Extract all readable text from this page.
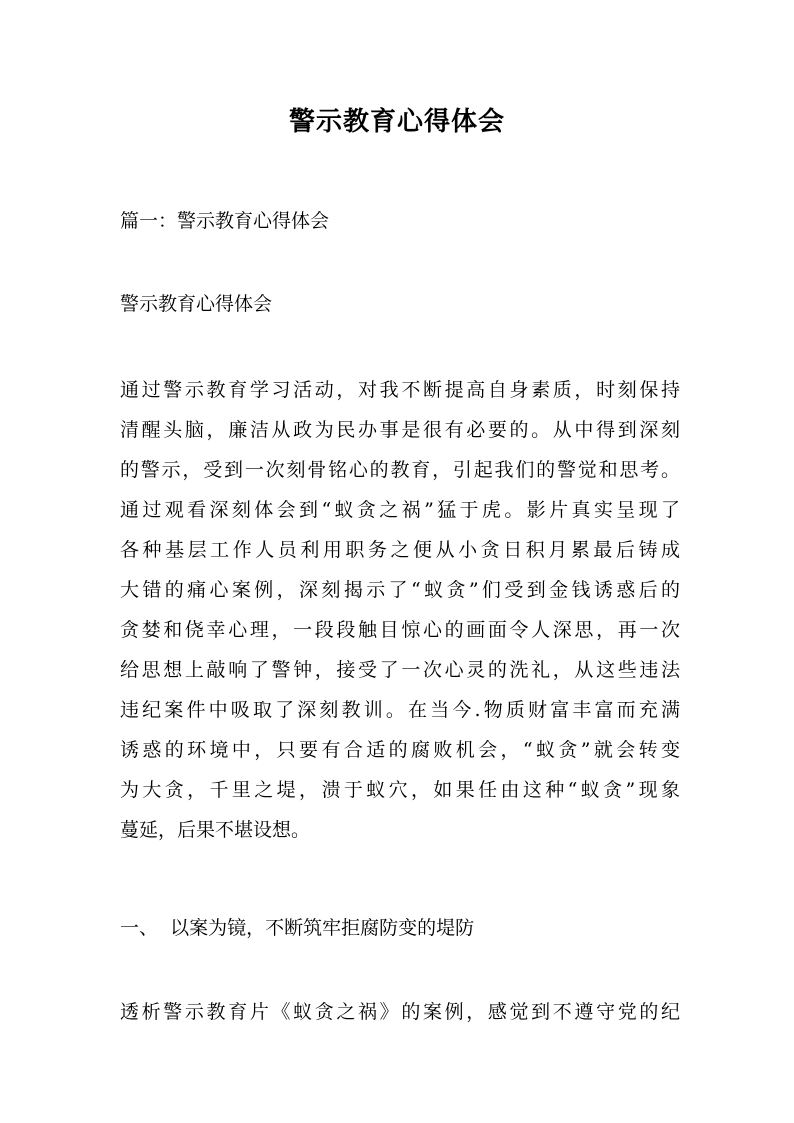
警示教育心得体会

篇一：警示教育心得体会

警示教育心得体会

通过警示教育学习活动，对我不断提高自身素质，时刻保持
清醒头脑，廉洁从政为民办事是很有必要的。从中得到深刻
的警示，受到一次刻骨铭心的教育，引起我们的警觉和思考。
通过观看深刻体会到“蚁贪之祸”猛于虎。影片真实呈现了
各种基层工作人员利用职务之便从小贪日积月累最后铸成
大错的痛心案例，深刻揭示了“蚁贪”们受到金钱诱惑后的
贪婪和侥幸心理，一段段触目惊心的画面令人深思，再一次
给思想上敲响了警钟，接受了一次心灵的洗礼，从这些违法
违纪案件中吸取了深刻教训。在当今.物质财富丰富而充满
诱惑的环境中，只要有合适的腐败机会，“蚁贪”就会转变
为大贪，千里之堤，溃于蚁穴，如果任由这种“蚁贪”现象
蔓延，后果不堪设想。

一、  以案为镜，不断筑牢拒腐防变的堤防

透析警示教育片《蚁贪之祸》的案例，感觉到不遵守党的纪
